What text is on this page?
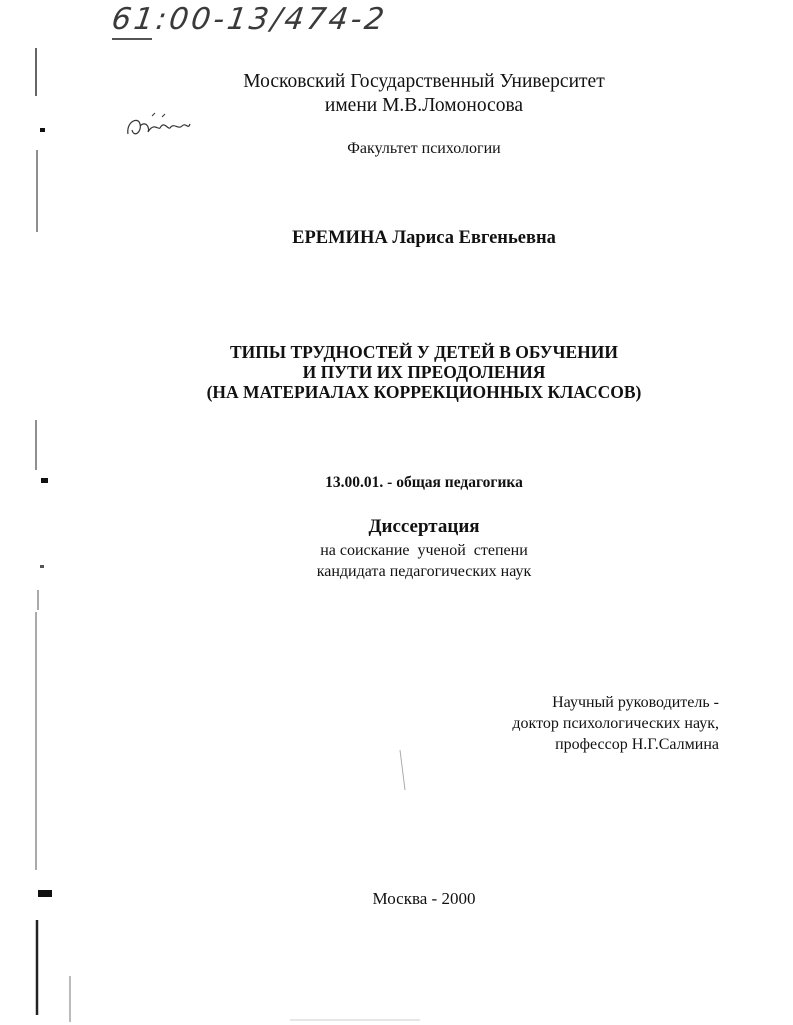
61:00-13/474-2
Московский Государственный Университет
имени М.В.Ломоносова
Факультет психологии
ЕРЕМИНА Лариса Евгеньевна
ТИПЫ ТРУДНОСТЕЙ У ДЕТЕЙ В ОБУЧЕНИИ
И ПУТИ ИХ ПРЕОДОЛЕНИЯ
(НА МАТЕРИАЛАХ КОРРЕКЦИОННЫХ КЛАССОВ)
13.00.01. - общая педагогика
Диссертация
на соискание  ученой  степени
кандидата педагогических наук
Научный руководитель -
доктор психологических наук,
профессор Н.Г.Салмина
Москва - 2000
